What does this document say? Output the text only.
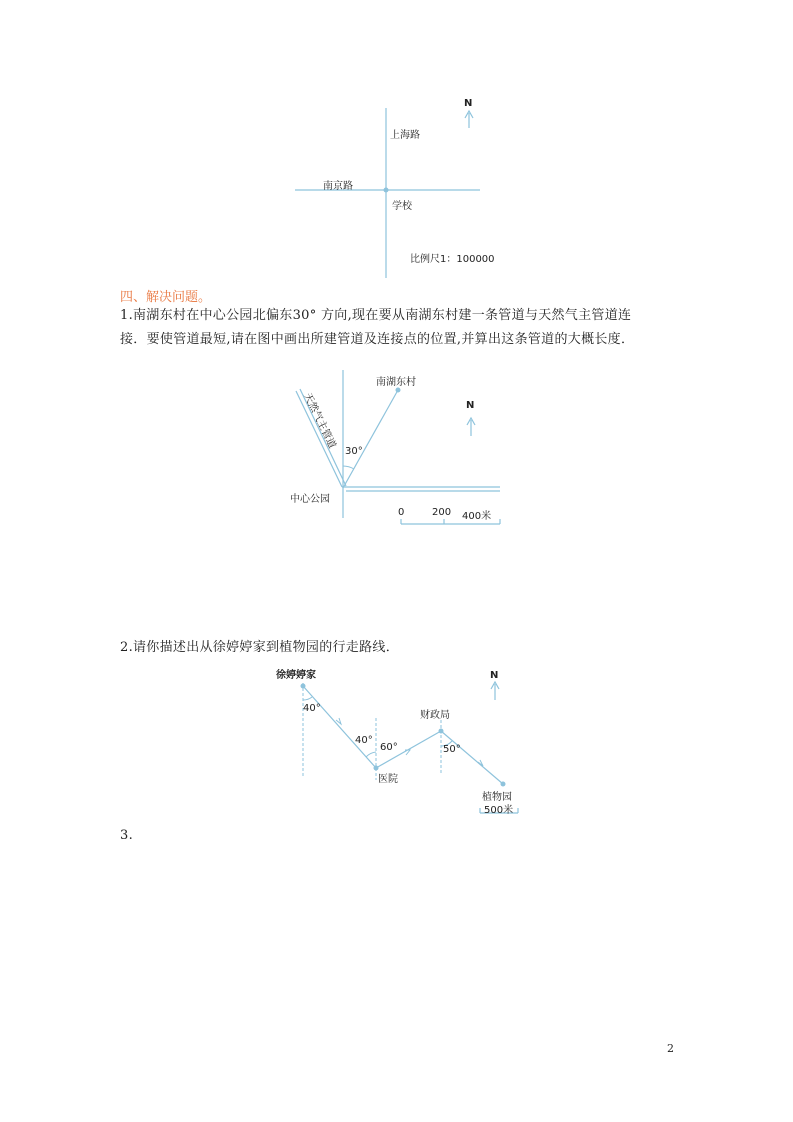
N
上海路
南京路
学校
比例尺1：100000
四、解决问题。
1.南湖东村在中心公园北偏东30° 方向,现在要从南湖东村建一条管道与天然气主管道连
接．要使管道最短,请在图中画出所建管道及连接点的位置,并算出这条管道的大概长度．
天然气主管道
南湖东村
30°
中心公园
N
0	200 400米
2.请你描述出从徐婷婷家到植物园的行走路线．
徐婷婷家
40°
40°
60°
医院
财政局
50°
植物园
500米
N
3.
2
